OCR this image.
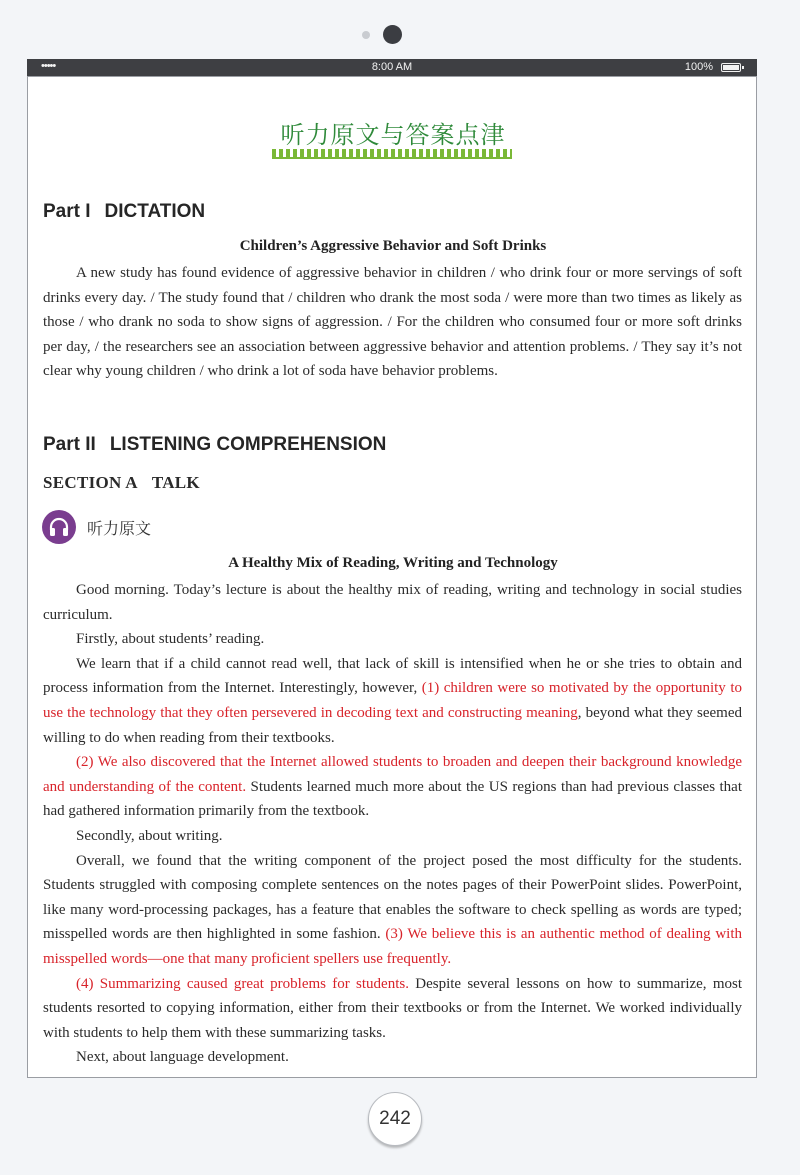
•••••	8:00 AM	100%
听力原文与答案点津
Part I DICTATION
Children’s Aggressive Behavior and Soft Drinks

A new study has found evidence of aggressive behavior in children / who drink four or more servings of soft drinks every day. / The study found that / children who drank the most soda / were more than two times as likely as those / who drank no soda to show signs of aggression. / For the children who consumed four or more soft drinks per day, / the researchers see an association between aggressive behavior and attention problems. / They say it’s not clear why young children / who drink a lot of soda have behavior problems.

Part II LISTENING COMPREHENSION
SECTION A TALK
听力原文
A Healthy Mix of Reading, Writing and Technology

Good morning. Today’s lecture is about the healthy mix of reading, writing and technology in social studies curriculum.

Firstly, about students’ reading.

We learn that if a child cannot read well, that lack of skill is intensified when he or she tries to obtain and process information from the Internet. Interestingly, however, (1) children were so motivated by the opportunity to use the technology that they often persevered in decoding text and constructing meaning, beyond what they seemed willing to do when reading from their textbooks.

(2) We also discovered that the Internet allowed students to broaden and deepen their background knowledge and understanding of the content. Students learned much more about the US regions than had previous classes that had gathered information primarily from the textbook.

Secondly, about writing.

Overall, we found that the writing component of the project posed the most difficulty for the students. Students struggled with composing complete sentences on the notes pages of their PowerPoint slides. PowerPoint, like many word-processing packages, has a feature that enables the software to check spelling as words are typed; misspelled words are then highlighted in some fashion. (3) We believe this is an authentic method of dealing with misspelled words—one that many proficient spellers use frequently.

(4) Summarizing caused great problems for students. Despite several lessons on how to summarize, most students resorted to copying information, either from their textbooks or from the Internet. We worked individually with students to help them with these summarizing tasks.

Next, about language development.

242
